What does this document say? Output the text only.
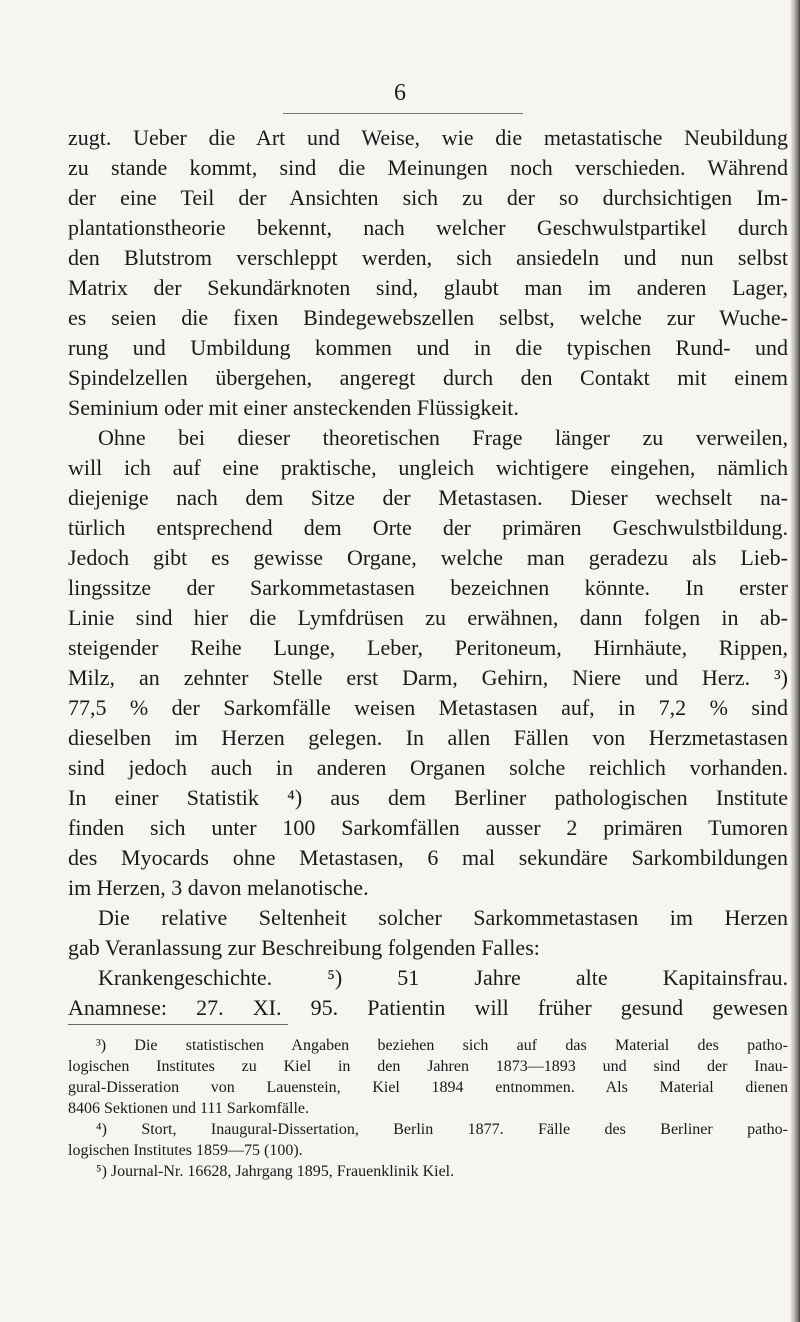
6
zugt. Ueber die Art und Weise, wie die metastatische Neubildung
zu stande kommt, sind die Meinungen noch verschieden. Während
der eine Teil der Ansichten sich zu der so durchsichtigen Im-
plantationstheorie bekennt, nach welcher Geschwulstpartikel durch
den Blutstrom verschleppt werden, sich ansiedeln und nun selbst
Matrix der Sekundärknoten sind, glaubt man im anderen Lager,
es seien die fixen Bindegewebszellen selbst, welche zur Wuche-
rung und Umbildung kommen und in die typischen Rund- und
Spindelzellen übergehen, angeregt durch den Contakt mit einem
Seminium oder mit einer ansteckenden Flüssigkeit.
Ohne bei dieser theoretischen Frage länger zu verweilen,
will ich auf eine praktische, ungleich wichtigere eingehen, nämlich
diejenige nach dem Sitze der Metastasen. Dieser wechselt na-
türlich entsprechend dem Orte der primären Geschwulstbildung.
Jedoch gibt es gewisse Organe, welche man geradezu als Lieb-
lingssitze der Sarkommetastasen bezeichnen könnte. In erster
Linie sind hier die Lymfdrüsen zu erwähnen, dann folgen in ab-
steigender Reihe Lunge, Leber, Peritoneum, Hirnhäute, Rippen,
Milz, an zehnter Stelle erst Darm, Gehirn, Niere und Herz. ³)
77,5 % der Sarkomfälle weisen Metastasen auf, in 7,2 % sind
dieselben im Herzen gelegen. In allen Fällen von Herzmetastasen
sind jedoch auch in anderen Organen solche reichlich vorhanden.
In einer Statistik ⁴) aus dem Berliner pathologischen Institute
finden sich unter 100 Sarkomfällen ausser 2 primären Tumoren
des Myocards ohne Metastasen, 6 mal sekundäre Sarkombildungen
im Herzen, 3 davon melanotische.
Die relative Seltenheit solcher Sarkommetastasen im Herzen
gab Veranlassung zur Beschreibung folgenden Falles:
Krankengeschichte. ⁵) 51 Jahre alte Kapitainsfrau.
Anamnese: 27. XI. 95. Patientin will früher gesund gewesen
³) Die statistischen Angaben beziehen sich auf das Material des patho-
logischen Institutes zu Kiel in den Jahren 1873—1893 und sind der Inau-
gural-Disseration von Lauenstein, Kiel 1894 entnommen. Als Material dienen
8406 Sektionen und 111 Sarkomfälle.
⁴) Stort, Inaugural-Dissertation, Berlin 1877. Fälle des Berliner patho-
logischen Institutes 1859—75 (100).
⁵) Journal-Nr. 16628, Jahrgang 1895, Frauenklinik Kiel.
